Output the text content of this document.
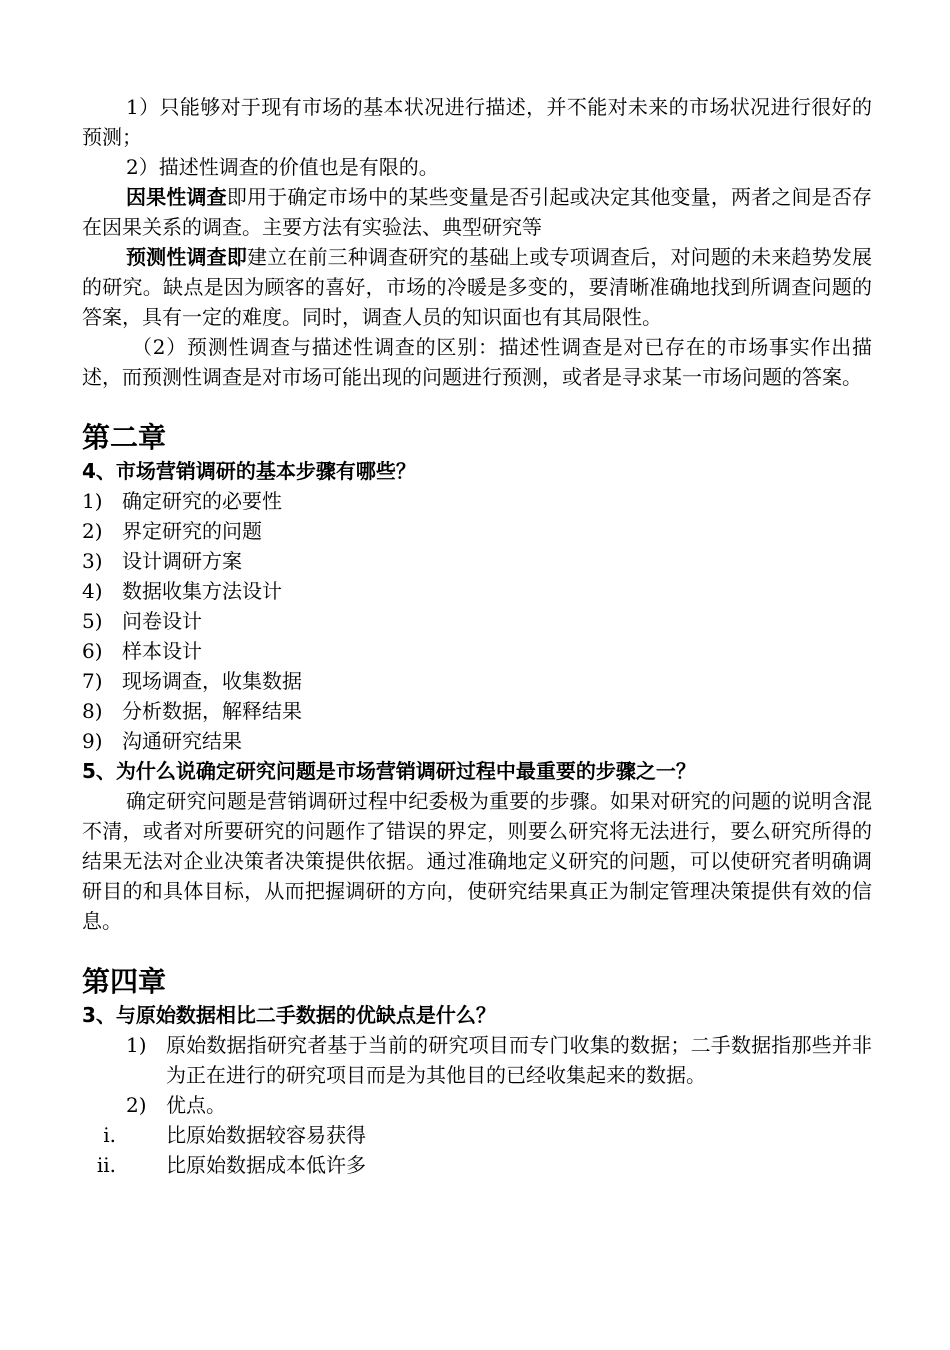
1）只能够对于现有市场的基本状况进行描述，并不能对未来的市场状况进行很好的预测；

2）描述性调查的价值也是有限的。

因果性调查即用于确定市场中的某些变量是否引起或决定其他变量，两者之间是否存在因果关系的调查。主要方法有实验法、典型研究等

预测性调查即建立在前三种调查研究的基础上或专项调查后，对问题的未来趋势发展的研究。缺点是因为顾客的喜好，市场的冷暖是多变的，要清晰准确地找到所调查问题的答案，具有一定的难度。同时，调查人员的知识面也有其局限性。

（2）预测性调查与描述性调查的区别：描述性调查是对已存在的市场事实作出描述，而预测性调查是对市场可能出现的问题进行预测，或者是寻求某一市场问题的答案。

第二章

4、市场营销调研的基本步骤有哪些？

1) 确定研究的必要性
2) 界定研究的问题
3) 设计调研方案
4) 数据收集方法设计
5) 问卷设计
6) 样本设计
7) 现场调查，收集数据
8) 分析数据，解释结果
9) 沟通研究结果

5、为什么说确定研究问题是市场营销调研过程中最重要的步骤之一？

确定研究问题是营销调研过程中纪委极为重要的步骤。如果对研究的问题的说明含混不清，或者对所要研究的问题作了错误的界定，则要么研究将无法进行，要么研究所得的结果无法对企业决策者决策提供依据。通过准确地定义研究的问题，可以使研究者明确调研目的和具体目标，从而把握调研的方向，使研究结果真正为制定管理决策提供有效的信息。

第四章

3、与原始数据相比二手数据的优缺点是什么？

1) 原始数据指研究者基于当前的研究项目而专门收集的数据；二手数据指那些并非为正在进行的研究项目而是为其他目的已经收集起来的数据。
2) 优点。
i.	比原始数据较容易获得
ii.	比原始数据成本低许多
